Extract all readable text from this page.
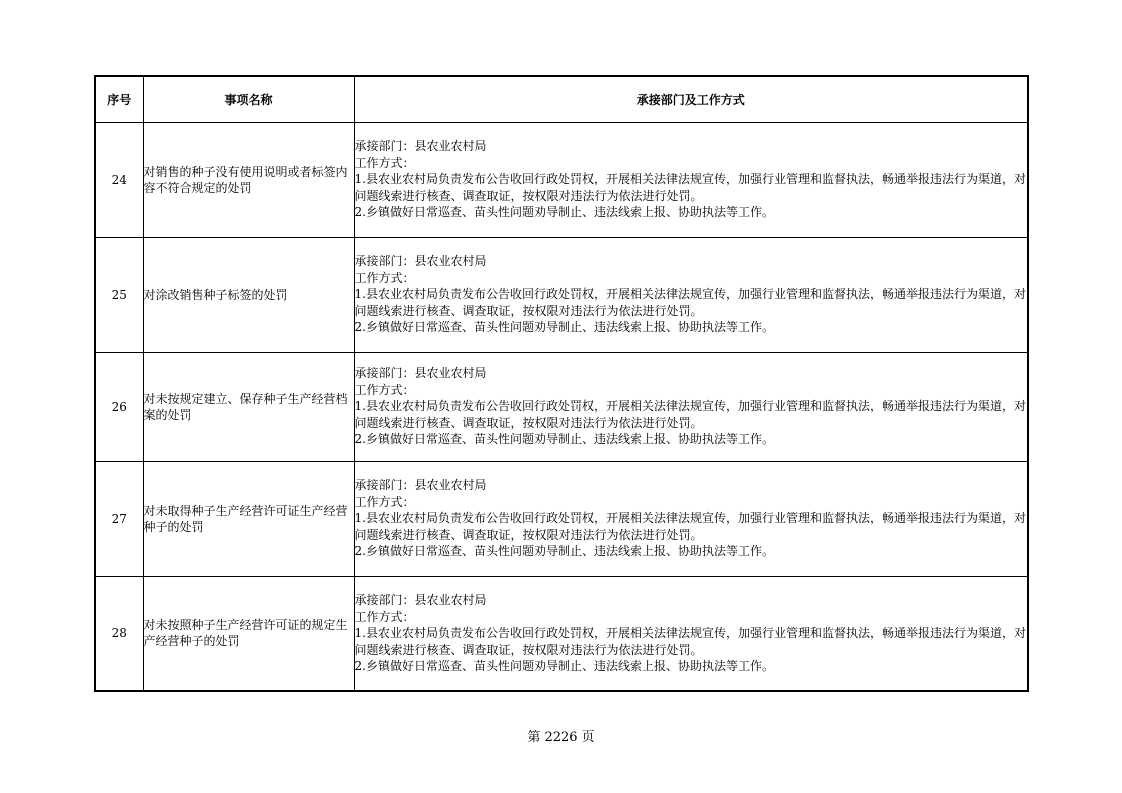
序号	事项名称	承接部门及工作方式
24	对销售的种子没有使用说明或者标签内容不符合规定的处罚	承接部门：县农业农村局
工作方式：
1.县农业农村局负责发布公告收回行政处罚权，开展相关法律法规宣传，加强行业管理和监督执法，畅通举报违法行为渠道，对问题线索进行核查、调查取证，按权限对违法行为依法进行处罚。
2.乡镇做好日常巡查、苗头性问题劝导制止、违法线索上报、协助执法等工作。

25	对涂改销售种子标签的处罚	承接部门：县农业农村局
工作方式：
1.县农业农村局负责发布公告收回行政处罚权，开展相关法律法规宣传，加强行业管理和监督执法，畅通举报违法行为渠道，对问题线索进行核查、调查取证，按权限对违法行为依法进行处罚。
2.乡镇做好日常巡查、苗头性问题劝导制止、违法线索上报、协助执法等工作。

26	对未按规定建立、保存种子生产经营档案的处罚	承接部门：县农业农村局
工作方式：
1.县农业农村局负责发布公告收回行政处罚权，开展相关法律法规宣传，加强行业管理和监督执法，畅通举报违法行为渠道，对问题线索进行核查、调查取证，按权限对违法行为依法进行处罚。
2.乡镇做好日常巡查、苗头性问题劝导制止、违法线索上报、协助执法等工作。

27	对未取得种子生产经营许可证生产经营种子的处罚	承接部门：县农业农村局
工作方式：
1.县农业农村局负责发布公告收回行政处罚权，开展相关法律法规宣传，加强行业管理和监督执法，畅通举报违法行为渠道，对问题线索进行核查、调查取证，按权限对违法行为依法进行处罚。
2.乡镇做好日常巡查、苗头性问题劝导制止、违法线索上报、协助执法等工作。

28	对未按照种子生产经营许可证的规定生产经营种子的处罚	承接部门：县农业农村局
工作方式：
1.县农业农村局负责发布公告收回行政处罚权，开展相关法律法规宣传，加强行业管理和监督执法，畅通举报违法行为渠道，对问题线索进行核查、调查取证，按权限对违法行为依法进行处罚。
2.乡镇做好日常巡查、苗头性问题劝导制止、违法线索上报、协助执法等工作。
第 2226 页
